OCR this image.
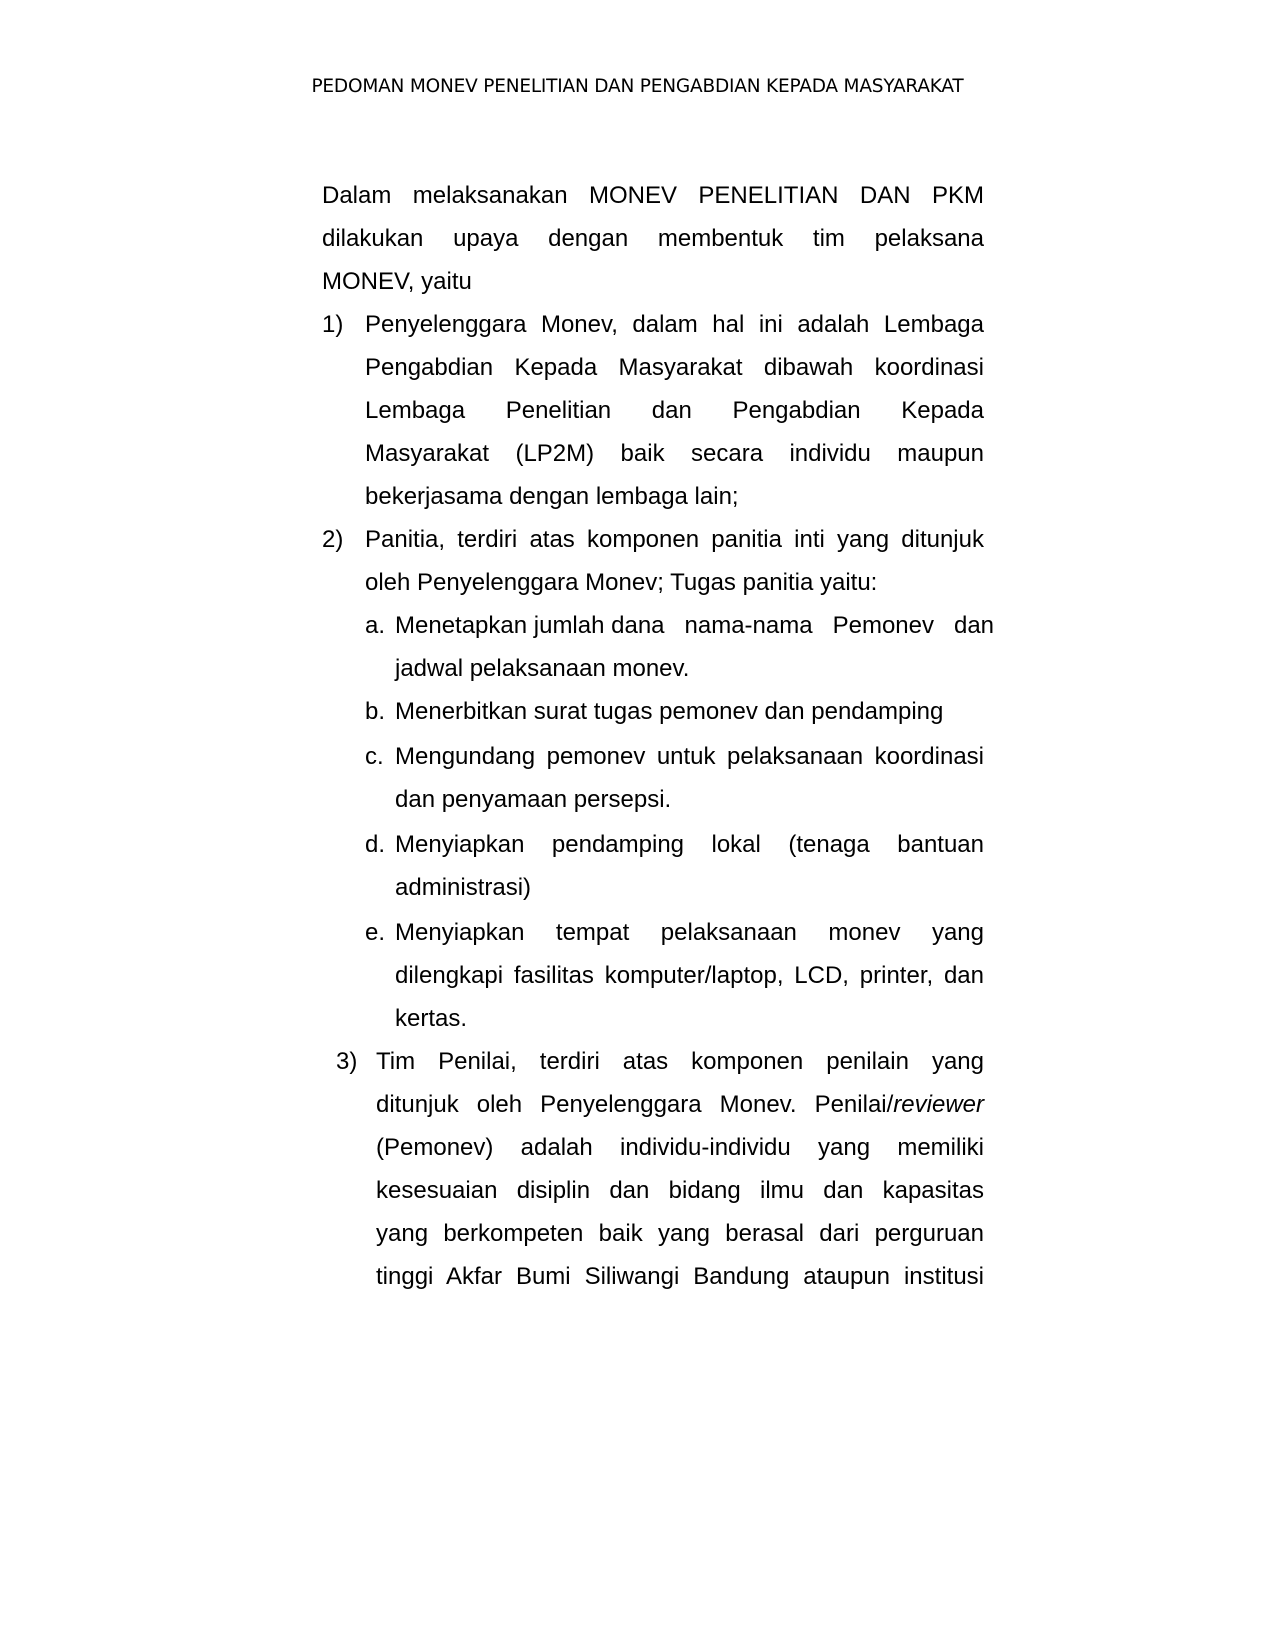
PEDOMAN MONEV PENELITIAN DAN PENGABDIAN KEPADA MASYARAKAT
Dalam melaksanakan MONEV PENELITIAN DAN PKM
dilakukan upaya dengan membentuk tim pelaksana
MONEV, yaitu
1) Penyelenggara Monev, dalam hal ini adalah Lembaga
Pengabdian Kepada Masyarakat dibawah koordinasi
Lembaga Penelitian dan Pengabdian Kepada
Masyarakat (LP2M) baik secara individu maupun
bekerjasama dengan lembaga lain;
2) Panitia, terdiri atas komponen panitia inti yang ditunjuk
oleh Penyelenggara Monev; Tugas panitia yaitu:
a. Menetapkan jumlah dana   nama-nama   Pemonev   dan
jadwal pelaksanaan monev.
b. Menerbitkan surat tugas pemonev dan pendamping
c. Mengundang pemonev untuk pelaksanaan koordinasi
dan penyamaan persepsi.
d. Menyiapkan pendamping lokal (tenaga bantuan
administrasi)
e. Menyiapkan tempat pelaksanaan monev yang
dilengkapi fasilitas komputer/laptop, LCD, printer, dan
kertas.
3) Tim Penilai, terdiri atas komponen penilain yang
ditunjuk oleh Penyelenggara Monev. Penilai/reviewer
(Pemonev) adalah individu-individu yang memiliki
kesesuaian disiplin dan bidang ilmu dan kapasitas
yang berkompeten baik yang berasal dari perguruan
tinggi Akfar Bumi Siliwangi Bandung ataupun institusi
